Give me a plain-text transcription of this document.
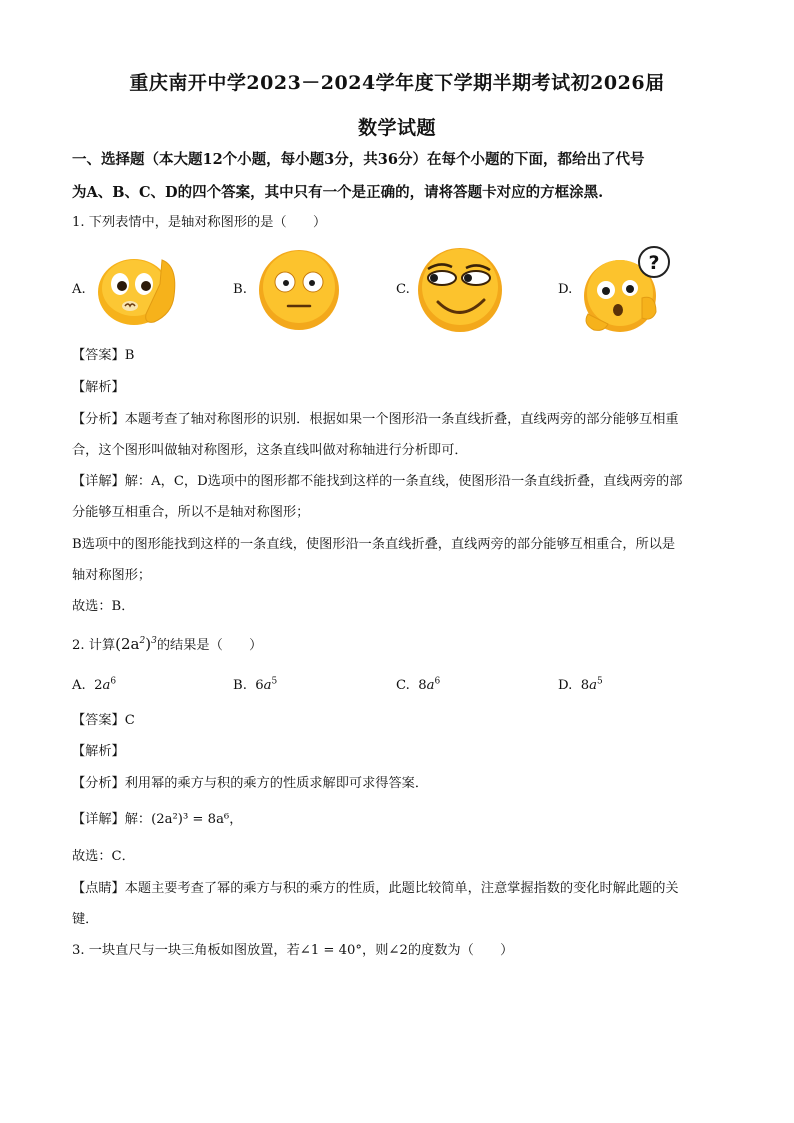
重庆南开中学2023－2024学年度下学期半期考试初2026届
数学试题
一、选择题（本大题12个小题，每小题3分，共36分）在每个小题的下面，都给出了代号
为A、B、C、D的四个答案，其中只有一个是正确的，请将答题卡对应的方框涂黑.
1. 下列表情中，是轴对称图形的是（　　）
A.	B.	C.	D.
?
【答案】B
【解析】
【分析】本题考查了轴对称图形的识别．根据如果一个图形沿一条直线折叠，直线两旁的部分能够互相重
合，这个图形叫做轴对称图形，这条直线叫做对称轴进行分析即可．
【详解】解：A，C，D选项中的图形都不能找到这样的一条直线，使图形沿一条直线折叠，直线两旁的部
分能够互相重合，所以不是轴对称图形；
B选项中的图形能找到这样的一条直线，使图形沿一条直线折叠，直线两旁的部分能够互相重合，所以是
轴对称图形；
故选：B．
2. 计算$(2a^2)^3$的结果是（　　）
A. $2a^6$	B. $6a^5$	C. $8a^6$	D. $8a^5$
【答案】C
【解析】
【分析】利用幂的乘方与积的乘方的性质求解即可求得答案．
【详解】解：(2a²)³ = 8a⁶，
故选：C．
【点睛】本题主要考查了幂的乘方与积的乘方的性质，此题比较简单，注意掌握指数的变化时解此题的关
键．
3. 一块直尺与一块三角板如图放置，若∠1 = 40°，则∠2的度数为（　　）
